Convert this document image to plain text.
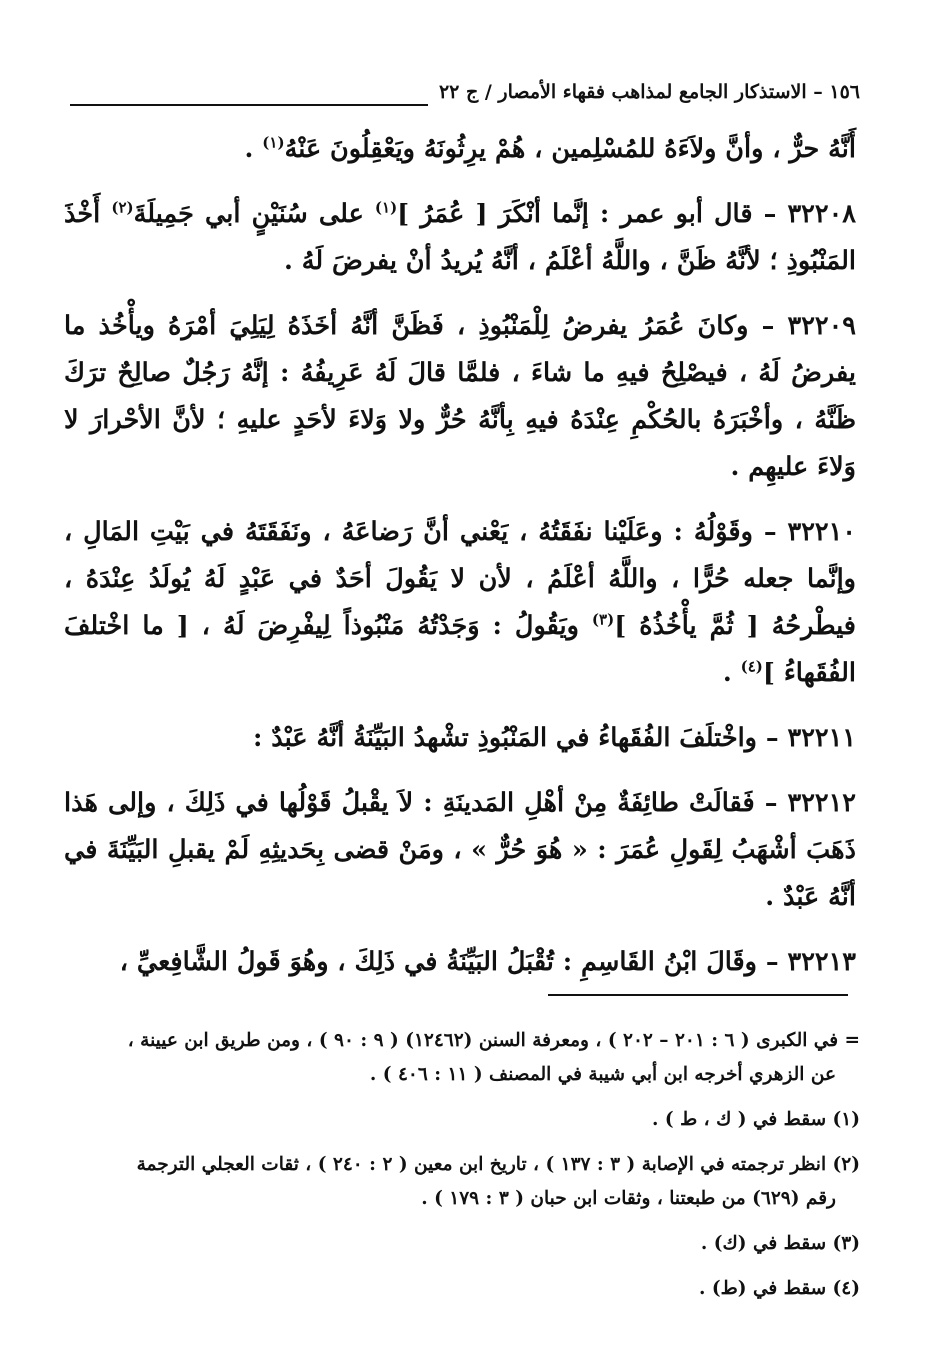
١٥٦ – الاستذكار الجامع لمذاهب فقهاء الأمصار / ج ٢٢

أَنَّهُ حرٌّ ، وأنَّ ولاَءَهُ للمُسْلِمين ، هُمْ يرِثُونَهُ ويَعْقِلُونَ عَنْهُ$^{(١)}$ .

٣٢٢٠٨ – قال أبو عمر : إنَّما أنْكَرَ [ عُمَرُ ]$^{(١)}$ على سُنَيْنٍ أبي جَمِيلَةَ$^{(٢)}$ أَخْذَ المَنْبُوذِ ؛ لأنَّهُ ظَنَّ ، واللَّهُ أعْلَمُ ، أنَّهُ يُريدُ أنْ يفرضَ لَهُ .

٣٢٢٠٩ – وكانَ عُمَرُ يفرضُ لِلْمَنْبُوذِ ، فَظَنَّ أنَّهُ أخَذَهُ لِيَلِيَ أمْرَهُ ويأْخُذ ما يفرضُ لَهُ ، فيصْلِحُ فيهِ ما شاءَ ، فلمَّا قالَ لَهُ عَرِيفُهُ : إنَّهُ رَجُلٌ صالِحٌ ترَكَ ظَنَّهُ ، وأخْبَرَهُ بالحُكْمِ عِنْدَهُ فيهِ بِأنَّهُ حُرٌّ ولا وَلاءَ لأحَدٍ عليهِ ؛ لأنَّ الأحْرارَ لا وَلاءَ عليهِم .

٣٢٢١٠ – وقَوْلُهُ : وعَلَيْنا نفَقَتُهُ ، يَعْني أنَّ رَضاعَهُ ، ونَفَقَتَهُ في بَيْتِ المَالِ ، وإنَّما جعله حُرًّا ، واللَّهُ أعْلَمُ ، لأن لا يَقُولَ أحَدٌ في عَبْدٍ لَهُ يُولَدُ عِنْدَهُ ، فيطْرحُهُ [ ثُمَّ يأْخُذُهُ ]$^{(٣)}$ ويَقُولُ : وَجَدْتُهُ مَنْبُوذاً لِيفْرِضَ لَهُ ، [ ما اخْتلفَ الفُقَهاءُ ]$^{(٤)}$ .

٣٢٢١١ – واخْتلَفَ الفُقَهاءُ في المَنْبُوذِ تشْهدُ البَيِّنَةُ أنَّهُ عَبْدٌ :

٣٢٢١٢ – فَقالَتْ طائِفَةٌ مِنْ أهْلِ المَدينَةِ : لاَ يقْبلُ قَوْلُها في ذَلِكَ ، وإلى هَذا ذَهَبَ أشْهَبُ لِقَولِ عُمَرَ : « هُوَ حُرٌّ » ، ومَنْ قضى بِحَديثِهِ لَمْ يقبلِ البَيِّنَةَ في أنَّهُ عَبْدٌ .

٣٢٢١٣ – وقَالَ ابْنُ القَاسِمِ : تُقْبَلُ البَيِّنَةُ في ذَلِكَ ، وهُوَ قَولُ الشَّافِعيِّ ،

= في الكبرى ( ٦ : ٢٠١ – ٢٠٢ ) ، ومعرفة السنن (١٢٤٦٢) ( ٩ : ٩٠ ) ، ومن طريق ابن عيينة ،
عن الزهري أخرجه ابن أبي شيبة في المصنف ( ١١ : ٤٠٦ ) .
(١) سقط في ( ك ، ط ) .
(٢) انظر ترجمته في الإصابة ( ٣ : ١٣٧ ) ، تاريخ ابن معين ( ٢ : ٢٤٠ ) ، ثقات العجلي الترجمة
رقم (٦٢٩) من طبعتنا ، وثقات ابن حبان ( ٣ : ١٧٩ ) .
(٣) سقط في (ك) .
(٤) سقط في (ط) .
